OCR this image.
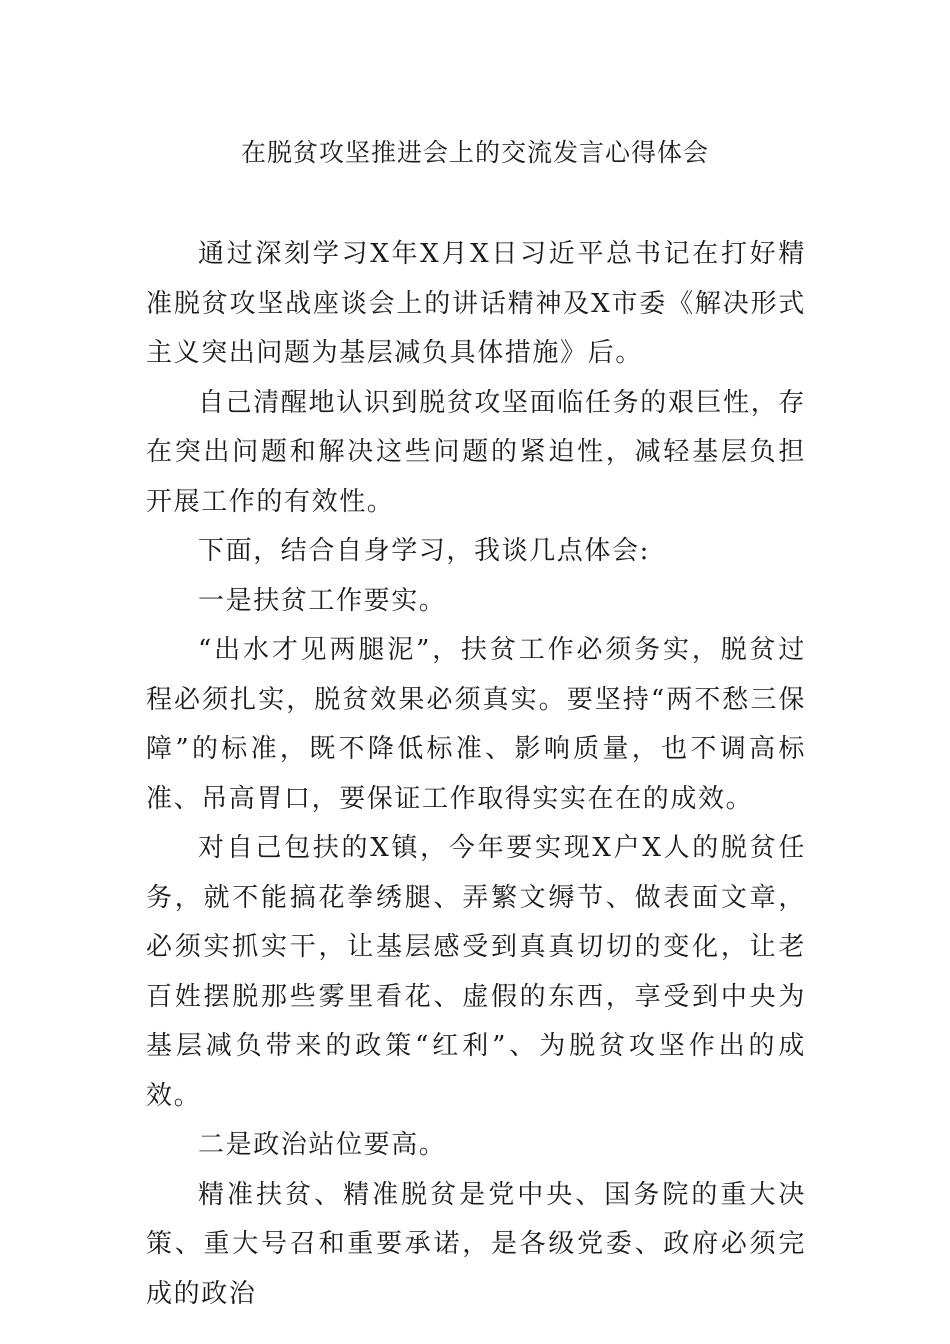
在脱贫攻坚推进会上的交流发言心得体会

通过深刻学习X年X月X日习近平总书记在打好精准脱贫攻坚战座谈会上的讲话精神及X市委《解决形式主义突出问题为基层减负具体措施》后。

自己清醒地认识到脱贫攻坚面临任务的艰巨性，存在突出问题和解决这些问题的紧迫性，减轻基层负担开展工作的有效性。

下面，结合自身学习，我谈几点体会:

一是扶贫工作要实。

“出水才见两腿泥”，扶贫工作必须务实，脱贫过程必须扎实，脱贫效果必须真实。要坚持“两不愁三保障”的标准，既不降低标准、影响质量，也不调高标准、吊高胃口，要保证工作取得实实在在的成效。

对自己包扶的X镇，今年要实现X户X人的脱贫任务，就不能搞花拳绣腿、弄繁文缛节、做表面文章，必须实抓实干，让基层感受到真真切切的变化，让老百姓摆脱那些雾里看花、虚假的东西，享受到中央为基层减负带来的政策“红利”、为脱贫攻坚作出的成效。

二是政治站位要高。

精准扶贫、精准脱贫是党中央、国务院的重大决策、重大号召和重要承诺，是各级党委、政府必须完成的政治
